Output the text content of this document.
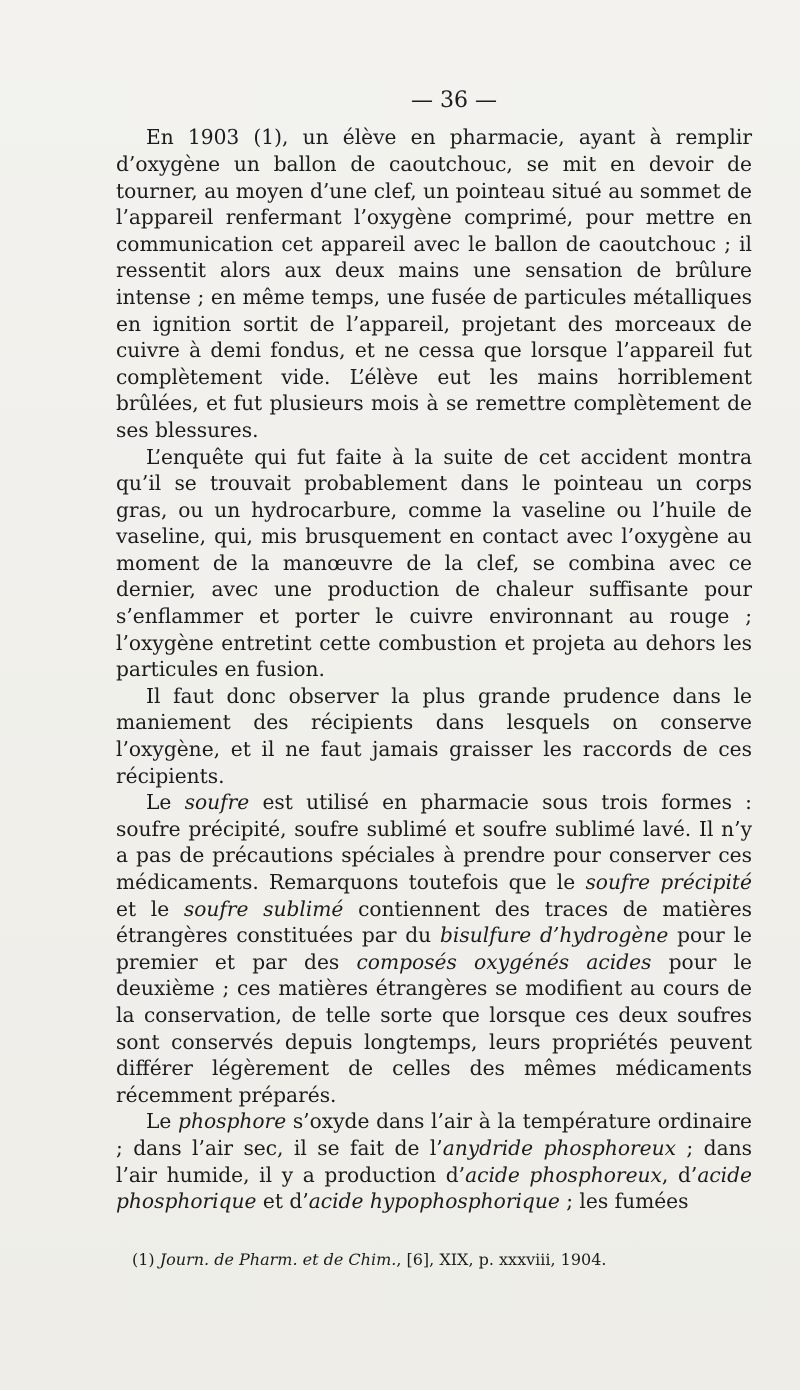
— 36 —

En 1903 (1), un élève en pharmacie, ayant à remplir d’oxygène un ballon de caoutchouc, se mit en devoir de tourner, au moyen d’une clef, un pointeau situé au sommet de l’appareil renfermant l’oxygène comprimé, pour mettre en communication cet appareil avec le ballon de caoutchouc ; il ressentit alors aux deux mains une sensation de brûlure intense ; en même temps, une fusée de particules métalliques en ignition sortit de l’appareil, projetant des morceaux de cuivre à demi fondus, et ne cessa que lorsque l’appareil fut complètement vide. L’élève eut les mains horriblement brûlées, et fut plusieurs mois à se remettre complètement de ses blessures.

L’enquête qui fut faite à la suite de cet accident montra qu’il se trouvait probablement dans le pointeau un corps gras, ou un hydrocarbure, comme la vaseline ou l’huile de vaseline, qui, mis brusquement en contact avec l’oxygène au moment de la manœuvre de la clef, se combina avec ce dernier, avec une production de chaleur suffisante pour s’enflammer et porter le cuivre environnant au rouge ; l’oxygène entretint cette combustion et projeta au dehors les particules en fusion.

Il faut donc observer la plus grande prudence dans le maniement des récipients dans lesquels on conserve l’oxygène, et il ne faut jamais graisser les raccords de ces récipients.

Le soufre est utilisé en pharmacie sous trois formes : soufre précipité, soufre sublimé et soufre sublimé lavé. Il n’y a pas de précautions spéciales à prendre pour conserver ces médicaments. Remarquons toutefois que le soufre précipité et le soufre sublimé contiennent des traces de matières étrangères constituées par du bisulfure d’hydrogène pour le premier et par des composés oxygénés acides pour le deuxième ; ces matières étrangères se modifient au cours de la conservation, de telle sorte que lorsque ces deux soufres sont conservés depuis longtemps, leurs propriétés peuvent différer légèrement de celles des mêmes médicaments récemment préparés.

Le phosphore s’oxyde dans l’air à la température ordinaire ; dans l’air sec, il se fait de l’anydride phosphoreux ; dans l’air humide, il y a production d’acide phosphoreux, d’acide phosphorique et d’acide hypophosphorique ; les fumées

(1) Journ. de Pharm. et de Chim., [6], XIX, p. xxxviii, 1904.
